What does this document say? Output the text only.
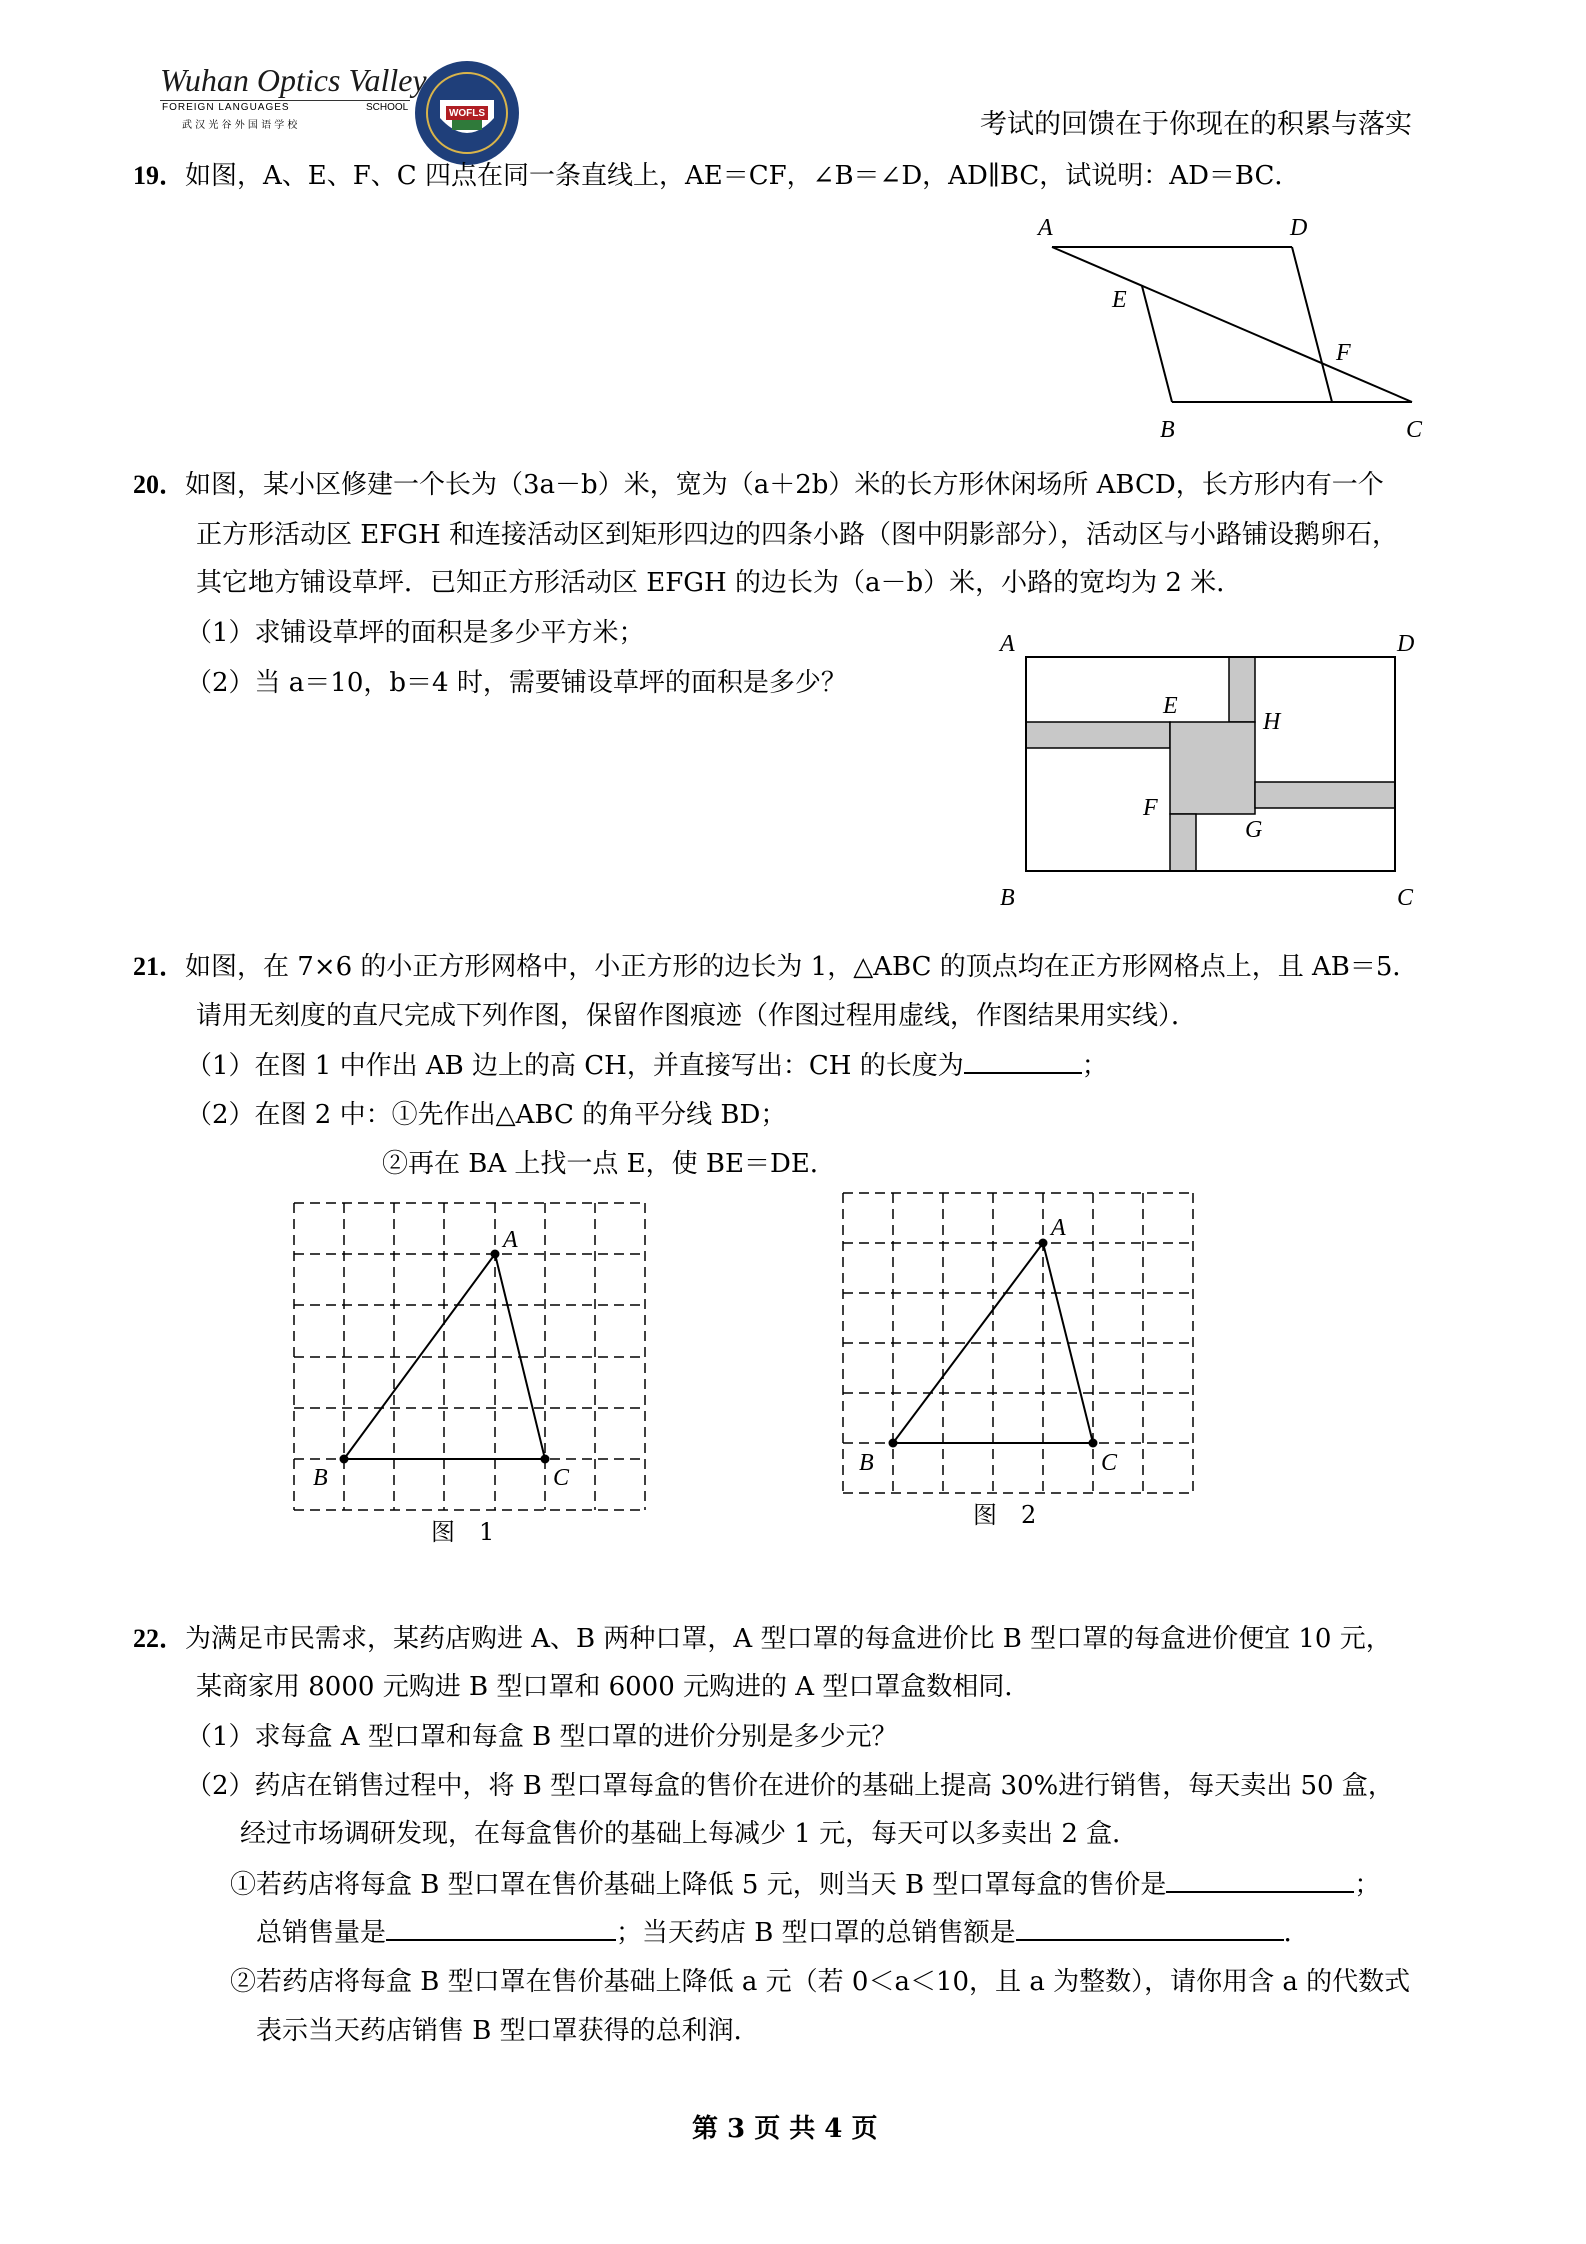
Wuhan Optics Valley
FOREIGN LANGUAGES	SCHOOL
武 汉 光 谷 外 国 语 学 校
WOFLS	考试的回馈在于你现在的积累与落实
19．如图，A、E、F、C 四点在同一条直线上，AE＝CF，∠B＝∠D，AD∥BC，试说明：AD＝BC．
A	D
E
F
B	C
20．如图，某小区修建一个长为（3a－b）米，宽为（a＋2b）米的长方形休闲场所 ABCD，长方形内有一个
正方形活动区 EFGH 和连接活动区到矩形四边的四条小路（图中阴影部分），活动区与小路铺设鹅卵石，
其它地方铺设草坪．已知正方形活动区 EFGH 的边长为（a－b）米，小路的宽均为 2 米．
（1）求铺设草坪的面积是多少平方米；
（2）当 a＝10，b＝4 时，需要铺设草坪的面积是多少？
A	D
B	C
E
H
F
G
21．如图，在 7×6 的小正方形网格中，小正方形的边长为 1，△ABC 的顶点均在正方形网格点上，且 AB＝5．
请用无刻度的直尺完成下列作图，保留作图痕迹（作图过程用虚线，作图结果用实线）．
（1）在图 1 中作出 AB 边上的高 CH，并直接写出：CH 的长度为	；
（2）在图 2 中：①先作出△ABC 的角平分线 BD；
②再在 BA 上找一点 E，使 BE＝DE．
A
B	C
图　1
A
B	C
图　2
22．为满足市民需求，某药店购进 A、B 两种口罩，A 型口罩的每盒进价比 B 型口罩的每盒进价便宜 10 元，
某商家用 8000 元购进 B 型口罩和 6000 元购进的 A 型口罩盒数相同．
（1）求每盒 A 型口罩和每盒 B 型口罩的进价分别是多少元？
（2）药店在销售过程中，将 B 型口罩每盒的售价在进价的基础上提高 30%进行销售，每天卖出 50 盒，
经过市场调研发现，在每盒售价的基础上每减少 1 元，每天可以多卖出 2 盒．
①若药店将每盒 B 型口罩在售价基础上降低 5 元，则当天 B 型口罩每盒的售价是	；
总销售量是	；当天药店 B 型口罩的总销售额是	．
②若药店将每盒 B 型口罩在售价基础上降低 a 元（若 0＜a＜10，且 a 为整数），请你用含 a 的代数式
表示当天药店销售 B 型口罩获得的总利润．
第 3 页 共 4 页
